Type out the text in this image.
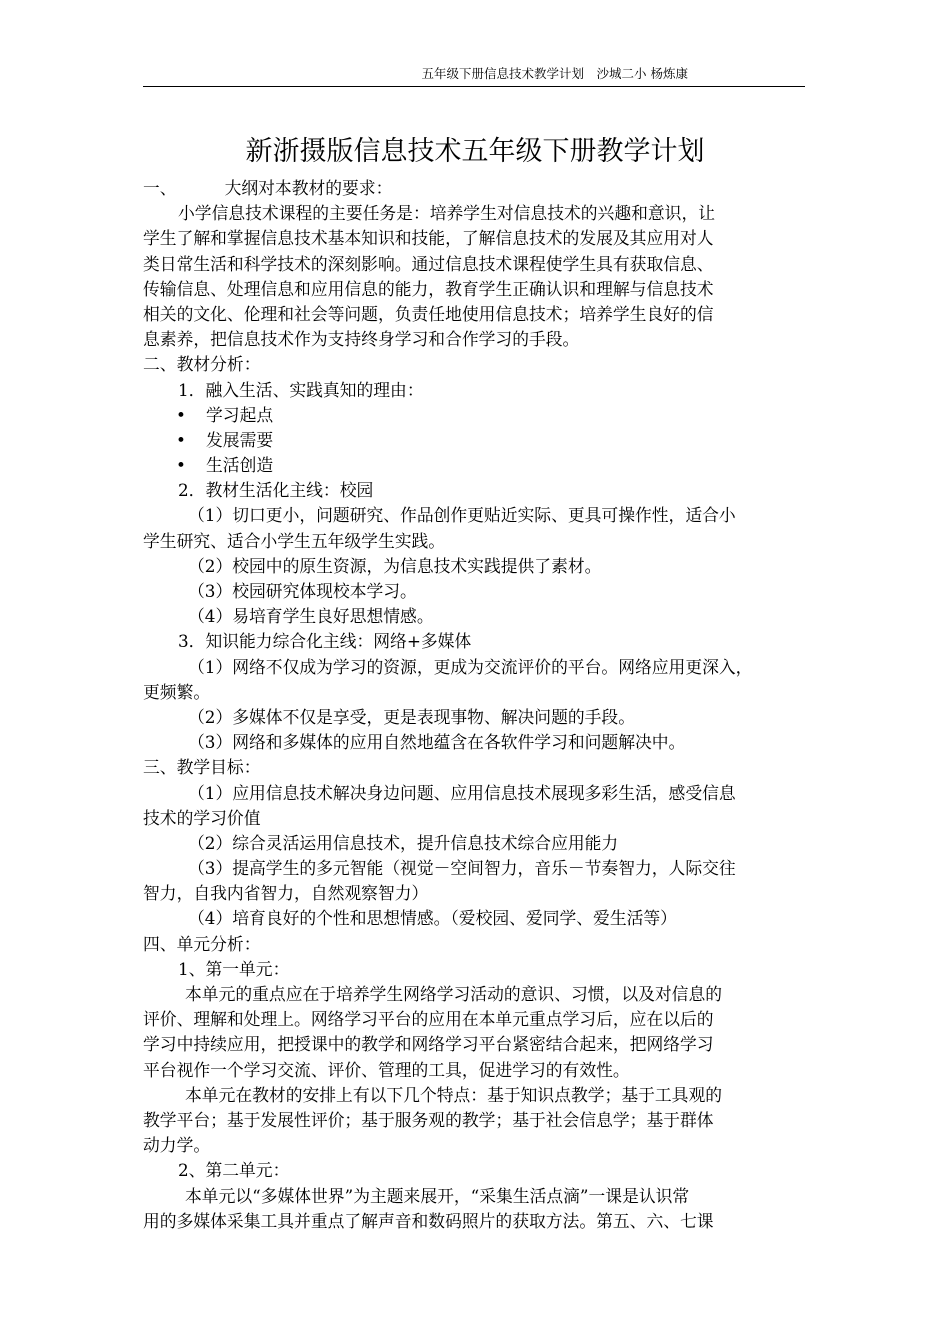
五年级下册信息技术教学计划　沙城二小 杨炼康
新浙摄版信息技术五年级下册教学计划
一、	大纲对本教材的要求：
小学信息技术课程的主要任务是：培养学生对信息技术的兴趣和意识，让
学生了解和掌握信息技术基本知识和技能，了解信息技术的发展及其应用对人
类日常生活和科学技术的深刻影响。通过信息技术课程使学生具有获取信息、
传输信息、处理信息和应用信息的能力，教育学生正确认识和理解与信息技术
相关的文化、伦理和社会等问题，负责任地使用信息技术；培养学生良好的信
息素养，把信息技术作为支持终身学习和合作学习的手段。
二、教材分析：
1．融入生活、实践真知的理由：
• 学习起点
• 发展需要
• 生活创造
2．教材生活化主线：校园
（1）切口更小，问题研究、作品创作更贴近实际、更具可操作性，适合小
学生研究、适合小学生五年级学生实践。
（2）校园中的原生资源，为信息技术实践提供了素材。
（3）校园研究体现校本学习。
（4）易培育学生良好思想情感。
3．知识能力综合化主线：网络+多媒体
（1）网络不仅成为学习的资源，更成为交流评价的平台。网络应用更深入，
更频繁。
（2）多媒体不仅是享受，更是表现事物、解决问题的手段。
（3）网络和多媒体的应用自然地蕴含在各软件学习和问题解决中。
三、教学目标：
（1）应用信息技术解决身边问题、应用信息技术展现多彩生活，感受信息
技术的学习价值
（2）综合灵活运用信息技术，提升信息技术综合应用能力
（3）提高学生的多元智能（视觉－空间智力，音乐－节奏智力，人际交往
智力，自我内省智力，自然观察智力）
（4）培育良好的个性和思想情感。（爱校园、爱同学、爱生活等）
四、单元分析：
1、第一单元：
本单元的重点应在于培养学生网络学习活动的意识、习惯，以及对信息的
评价、理解和处理上。网络学习平台的应用在本单元重点学习后，应在以后的
学习中持续应用，把授课中的教学和网络学习平台紧密结合起来，把网络学习
平台视作一个学习交流、评价、管理的工具，促进学习的有效性。
本单元在教材的安排上有以下几个特点：基于知识点教学；基于工具观的
教学平台；基于发展性评价；基于服务观的教学；基于社会信息学；基于群体
动力学。
2、第二单元：
本单元以“多媒体世界”为主题来展开，“采集生活点滴”一课是认识常
用的多媒体采集工具并重点了解声音和数码照片的获取方法。第五、六、七课
